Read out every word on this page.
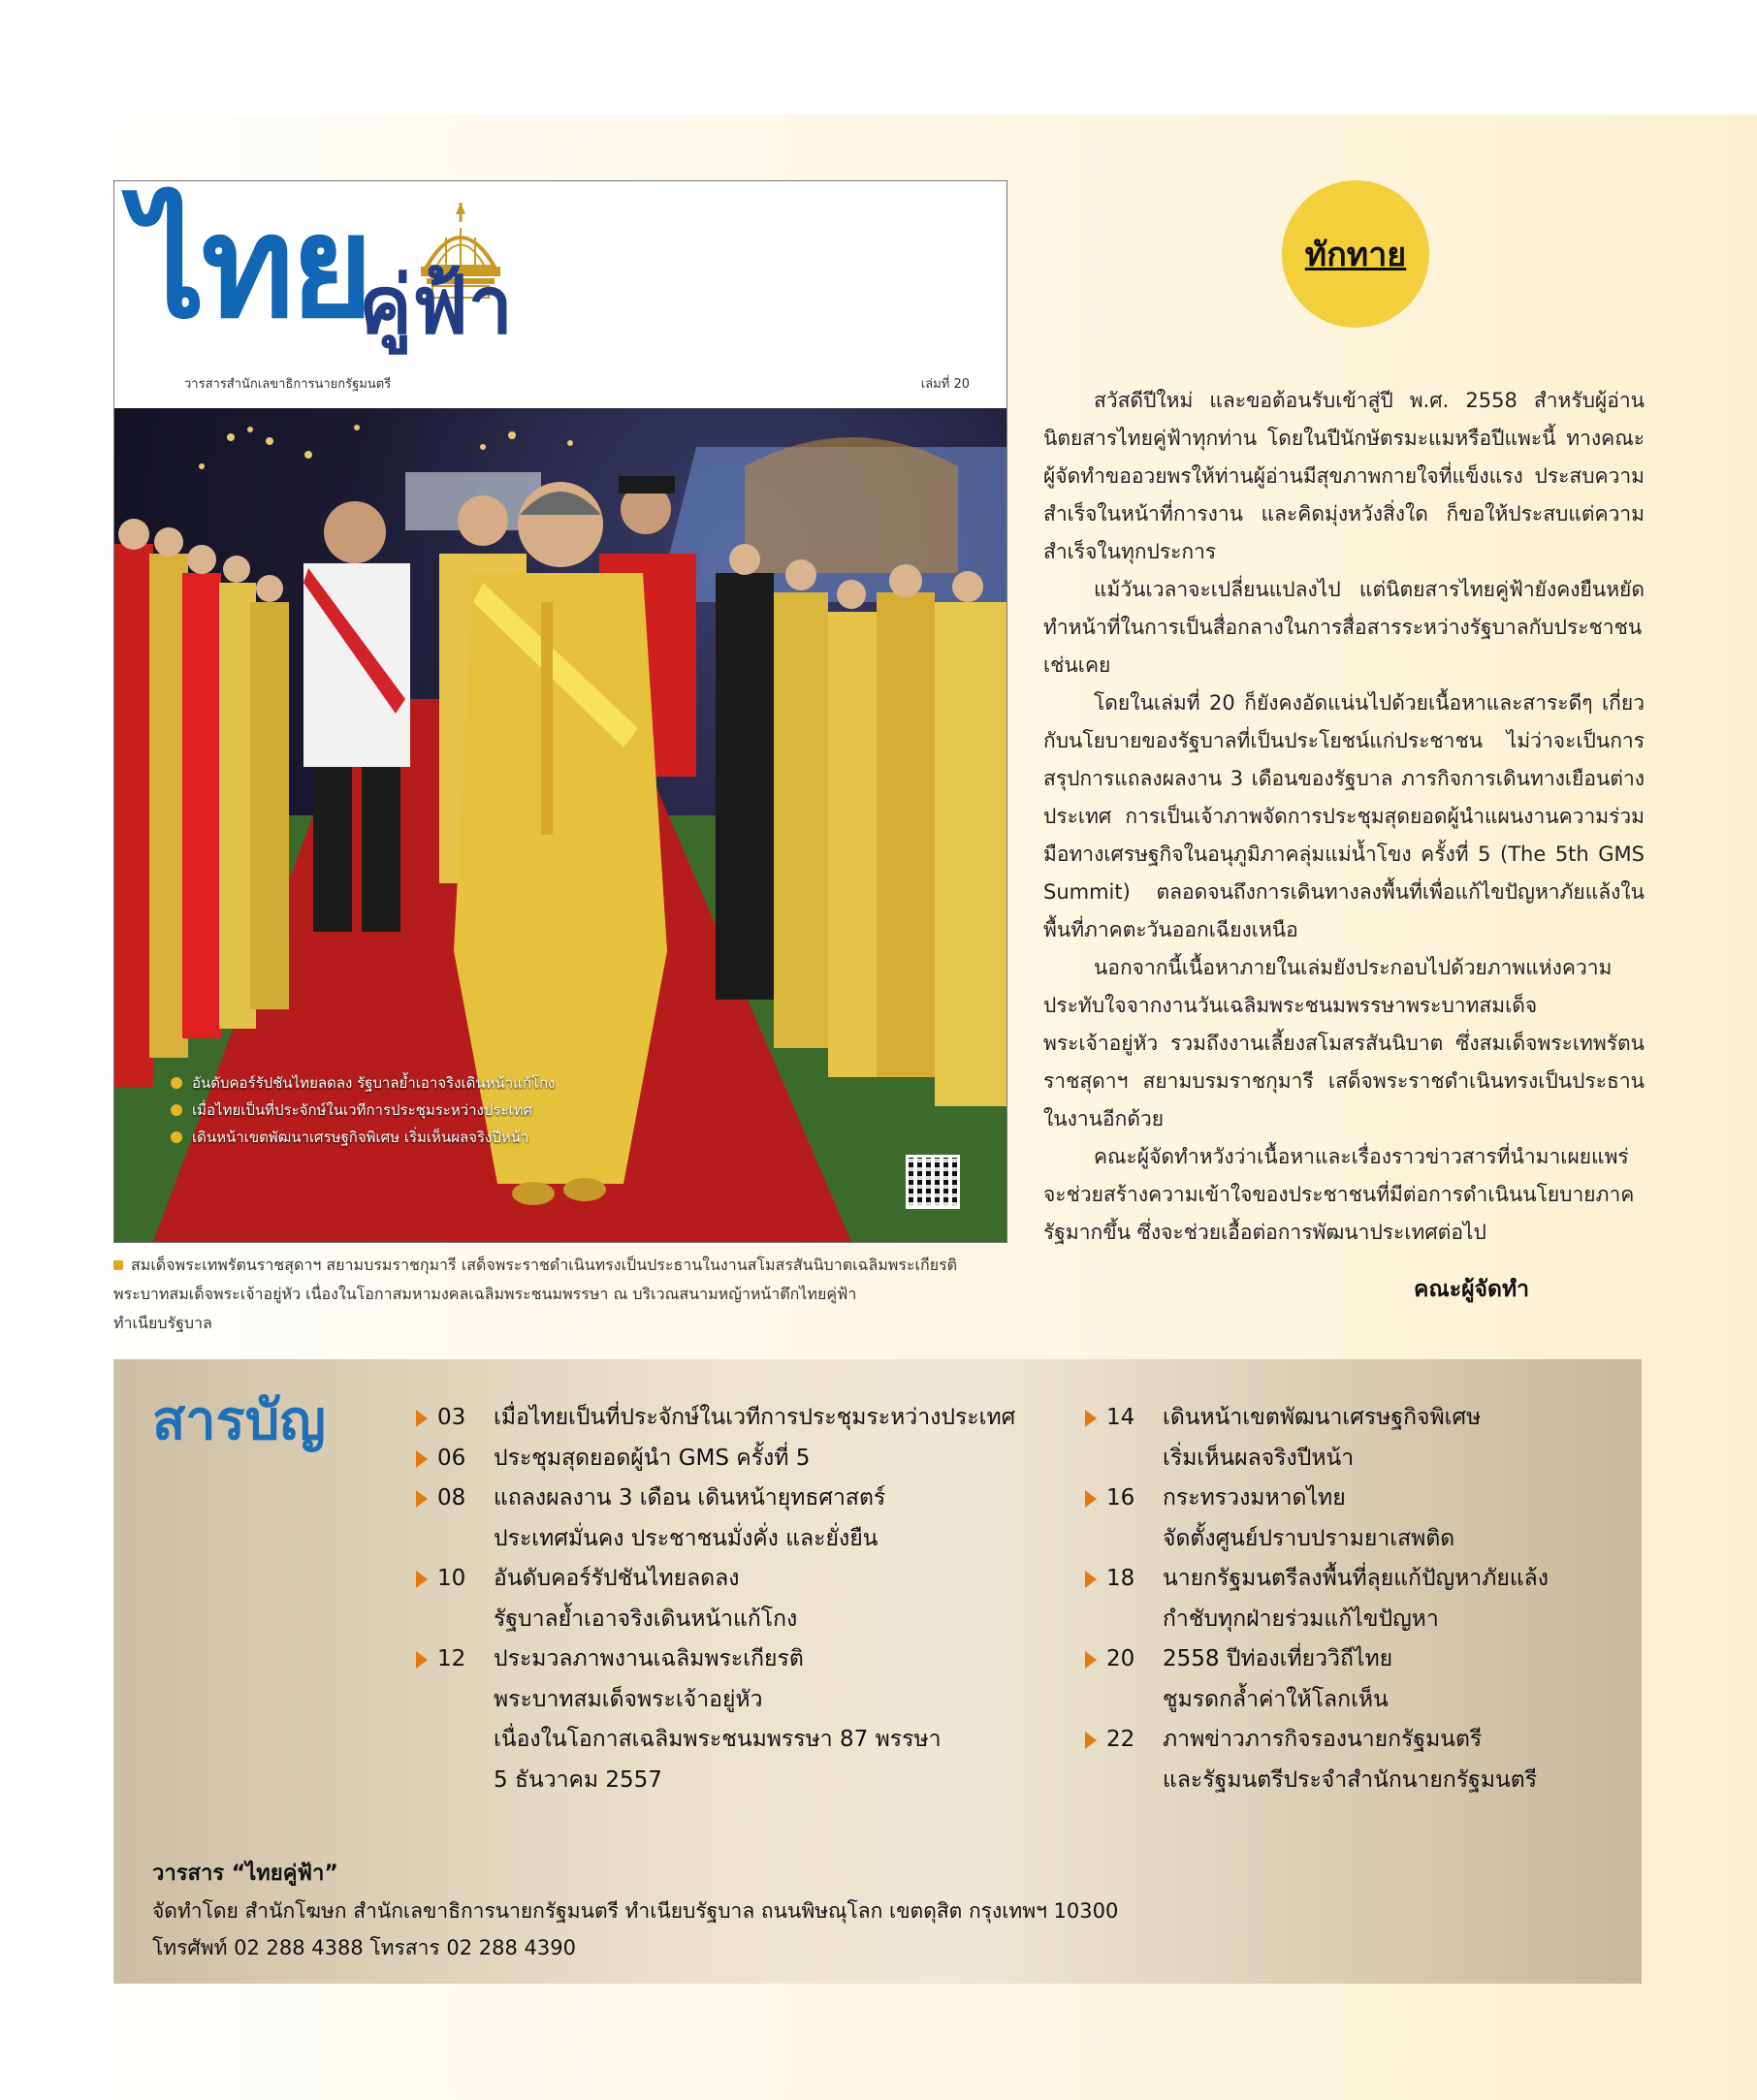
ไทย
คู่ฟ้า
วารสารสำนักเลขาธิการนายกรัฐมนตรี	เล่มที่ 20
อันดับคอร์รัปชันไทยลดลง รัฐบาลย้ำเอาจริงเดินหน้าแก้โกง
เมื่อไทยเป็นที่ประจักษ์ในเวทีการประชุมระหว่างประเทศ
เดินหน้าเขตพัฒนาเศรษฐกิจพิเศษ เริ่มเห็นผลจริงปีหน้า
สมเด็จพระเทพรัตนราชสุดาฯ สยามบรมราชกุมารี เสด็จพระราชดำเนินทรงเป็นประธานในงานสโมสรสันนิบาตเฉลิมพระเกียรติ
พระบาทสมเด็จพระเจ้าอยู่หัว เนื่องในโอกาสมหามงคลเฉลิมพระชนมพรรษา ณ บริเวณสนามหญ้าหน้าตึกไทยคู่ฟ้า
ทำเนียบรัฐบาล
ทักทาย

สวัสดีปีใหม่ และขอต้อนรับเข้าสู่ปี พ.ศ. 2558 สำหรับผู้อ่านนิตยสารไทยคู่ฟ้าทุกท่าน โดยในปีนักษัตรมะแมหรือปีแพะนี้ ทางคณะผู้จัดทำขออวยพรให้ท่านผู้อ่านมีสุขภาพกายใจที่แข็งแรง ประสบความสำเร็จในหน้าที่การงาน และคิดมุ่งหวังสิ่งใด ก็ขอให้ประสบแต่ความสำเร็จในทุกประการ

แม้วันเวลาจะเปลี่ยนแปลงไป แต่นิตยสารไทยคู่ฟ้ายังคงยืนหยัดทำหน้าที่ในการเป็นสื่อกลางในการสื่อสารระหว่างรัฐบาลกับประชาชนเช่นเคย

โดยในเล่มที่ 20 ก็ยังคงอัดแน่นไปด้วยเนื้อหาและสาระดีๆ เกี่ยวกับนโยบายของรัฐบาลที่เป็นประโยชน์แก่ประชาชน ไม่ว่าจะเป็นการสรุปการแถลงผลงาน 3 เดือนของรัฐบาล ภารกิจการเดินทางเยือนต่างประเทศ การเป็นเจ้าภาพจัดการประชุมสุดยอดผู้นำแผนงานความร่วมมือทางเศรษฐกิจในอนุภูมิภาคลุ่มแม่น้ำโขง ครั้งที่ 5 (The 5th GMS Summit) ตลอดจนถึงการเดินทางลงพื้นที่เพื่อแก้ไขปัญหาภัยแล้งในพื้นที่ภาคตะวันออกเฉียงเหนือ

นอกจากนี้เนื้อหาภายในเล่มยังประกอบไปด้วยภาพแห่งความประทับใจจากงานวันเฉลิมพระชนมพรรษาพระบาทสมเด็จพระเจ้าอยู่หัว รวมถึงงานเลี้ยงสโมสรสันนิบาต ซึ่งสมเด็จพระเทพรัตนราชสุดาฯ สยามบรมราชกุมารี เสด็จพระราชดำเนินทรงเป็นประธานในงานอีกด้วย

คณะผู้จัดทำหวังว่าเนื้อหาและเรื่องราวข่าวสารที่นำมาเผยแพร่จะช่วยสร้างความเข้าใจของประชาชนที่มีต่อการดำเนินนโยบายภาครัฐมากขึ้น ซึ่งจะช่วยเอื้อต่อการพัฒนาประเทศต่อไป

คณะผู้จัดทำ
สารบัญ	03	เมื่อไทยเป็นที่ประจักษ์ในเวทีการประชุมระหว่างประเทศ
06	ประชุมสุดยอดผู้นำ GMS ครั้งที่ 5
08	แถลงผลงาน 3 เดือน เดินหน้ายุทธศาสตร์
ประเทศมั่นคง ประชาชนมั่งคั่ง และยั่งยืน
10	อันดับคอร์รัปชันไทยลดลง
รัฐบาลย้ำเอาจริงเดินหน้าแก้โกง
12	ประมวลภาพงานเฉลิมพระเกียรติ
พระบาทสมเด็จพระเจ้าอยู่หัว
เนื่องในโอกาสเฉลิมพระชนมพรรษา 87 พรรษา
5 ธันวาคม 2557
14	เดินหน้าเขตพัฒนาเศรษฐกิจพิเศษ
เริ่มเห็นผลจริงปีหน้า
16	กระทรวงมหาดไทย
จัดตั้งศูนย์ปราบปรามยาเสพติด
18	นายกรัฐมนตรีลงพื้นที่ลุยแก้ปัญหาภัยแล้ง
กำชับทุกฝ่ายร่วมแก้ไขปัญหา
20	2558 ปีท่องเที่ยววิถีไทย
ชูมรดกล้ำค่าให้โลกเห็น
22	ภาพข่าวภารกิจรองนายกรัฐมนตรี
และรัฐมนตรีประจำสำนักนายกรัฐมนตรี
วารสาร “ไทยคู่ฟ้า”
จัดทำโดย สำนักโฆษก สำนักเลขาธิการนายกรัฐมนตรี ทำเนียบรัฐบาล ถนนพิษณุโลก เขตดุสิต กรุงเทพฯ 10300
โทรศัพท์ 02 288 4388 โทรสาร 02 288 4390
